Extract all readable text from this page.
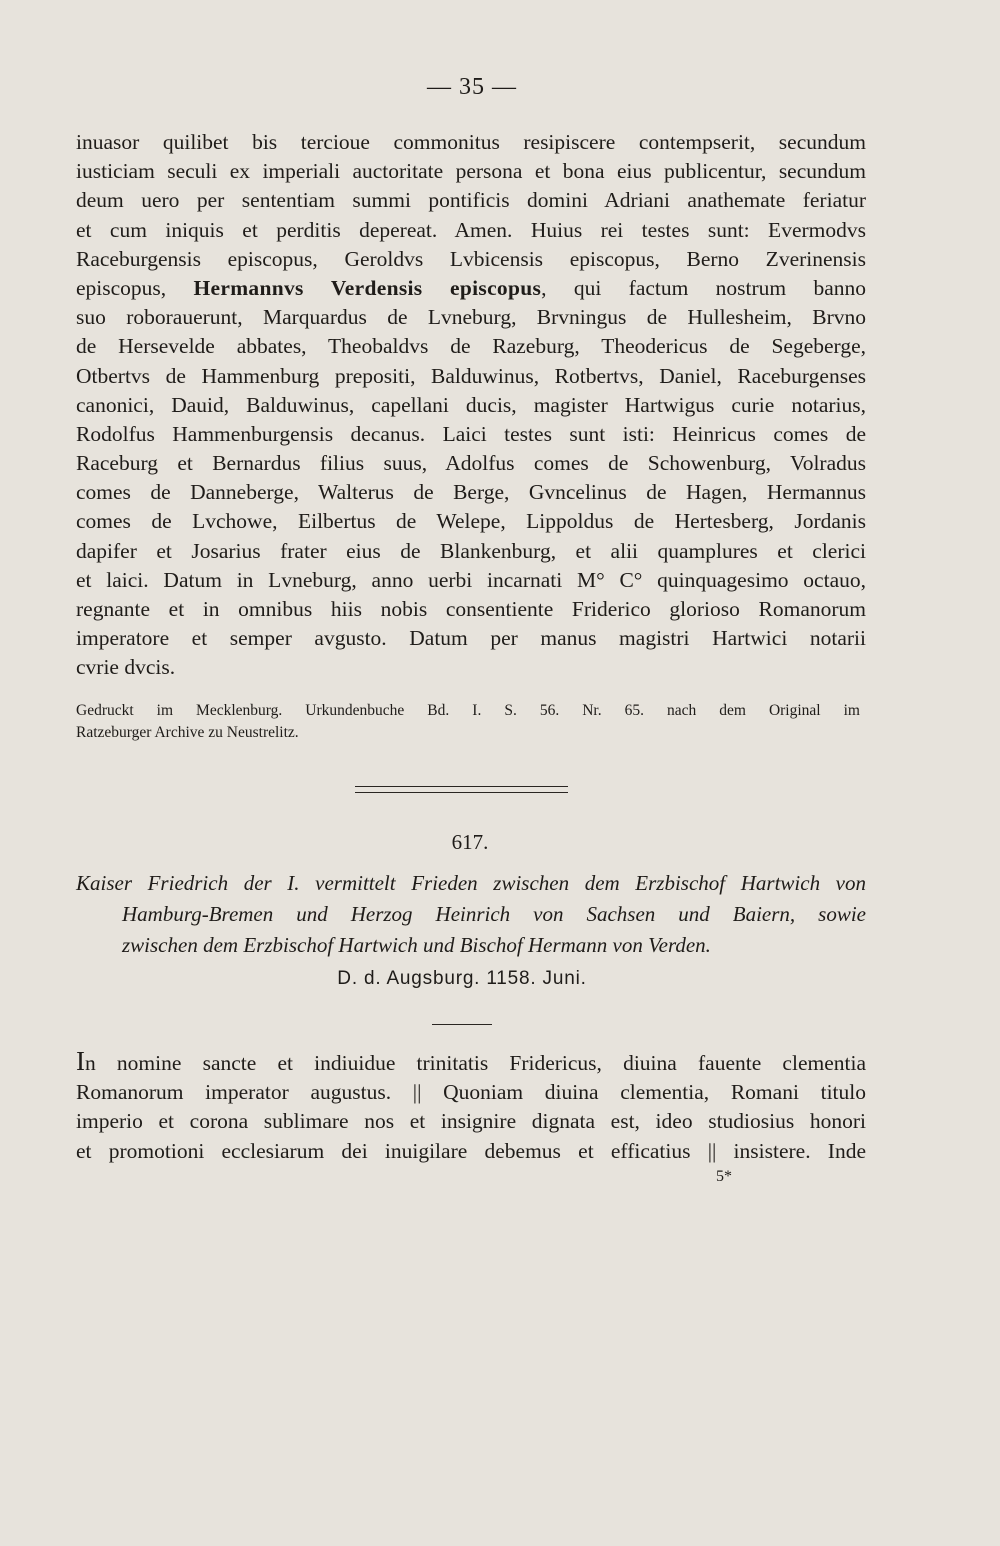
— 35 —
inuasor quilibet bis tercioue commonitus resipiscere contempserit, secundum
iusticiam seculi ex imperiali auctoritate persona et bona eius publicentur, secundum
deum uero per sententiam summi pontificis domini Adriani anathemate feriatur
et cum iniquis et perditis depereat. Amen. Huius rei testes sunt: Evermodvs
Raceburgensis episcopus, Geroldvs Lvbicensis episcopus, Berno Zverinensis
episcopus, Hermannvs Verdensis episcopus, qui factum nostrum banno
suo roborauerunt, Marquardus de Lvneburg, Brvningus de Hullesheim, Brvno
de Hersevelde abbates, Theobaldvs de Razeburg, Theodericus de Segeberge,
Otbertvs de Hammenburg prepositi, Balduwinus, Rotbertvs, Daniel, Raceburgenses
canonici, Dauid, Balduwinus, capellani ducis, magister Hartwigus curie notarius,
Rodolfus Hammenburgensis decanus. Laici testes sunt isti: Heinricus comes de
Raceburg et Bernardus filius suus, Adolfus comes de Schowenburg, Volradus
comes de Danneberge, Walterus de Berge, Gvncelinus de Hagen, Hermannus
comes de Lvchowe, Eilbertus de Welepe, Lippoldus de Hertesberg, Jordanis
dapifer et Josarius frater eius de Blankenburg, et alii quamplures et clerici
et laici. Datum in Lvneburg, anno uerbi incarnati M° C° quinquagesimo octauo,
regnante et in omnibus hiis nobis consentiente Friderico glorioso Romanorum
imperatore et semper avgusto. Datum per manus magistri Hartwici notarii
cvrie dvcis.
Gedruckt im Mecklenburg. Urkundenbuche Bd. I. S. 56. Nr. 65. nach dem Original im
Ratzeburger Archive zu Neustrelitz.
617.
Kaiser Friedrich der I. vermittelt Frieden zwischen dem Erzbischof Hartwich von
Hamburg-Bremen und Herzog Heinrich von Sachsen und Baiern, sowie
zwischen dem Erzbischof Hartwich und Bischof Hermann von Verden.
D. d. Augsburg. 1158. Juni.
In nomine sancte et indiuidue trinitatis Fridericus, diuina fauente clementia
Romanorum imperator augustus. || Quoniam diuina clementia, Romani titulo
imperio et corona sublimare nos et insignire dignata est, ideo studiosius honori
et promotioni ecclesiarum dei inuigilare debemus et efficatius || insistere. Inde
5*
